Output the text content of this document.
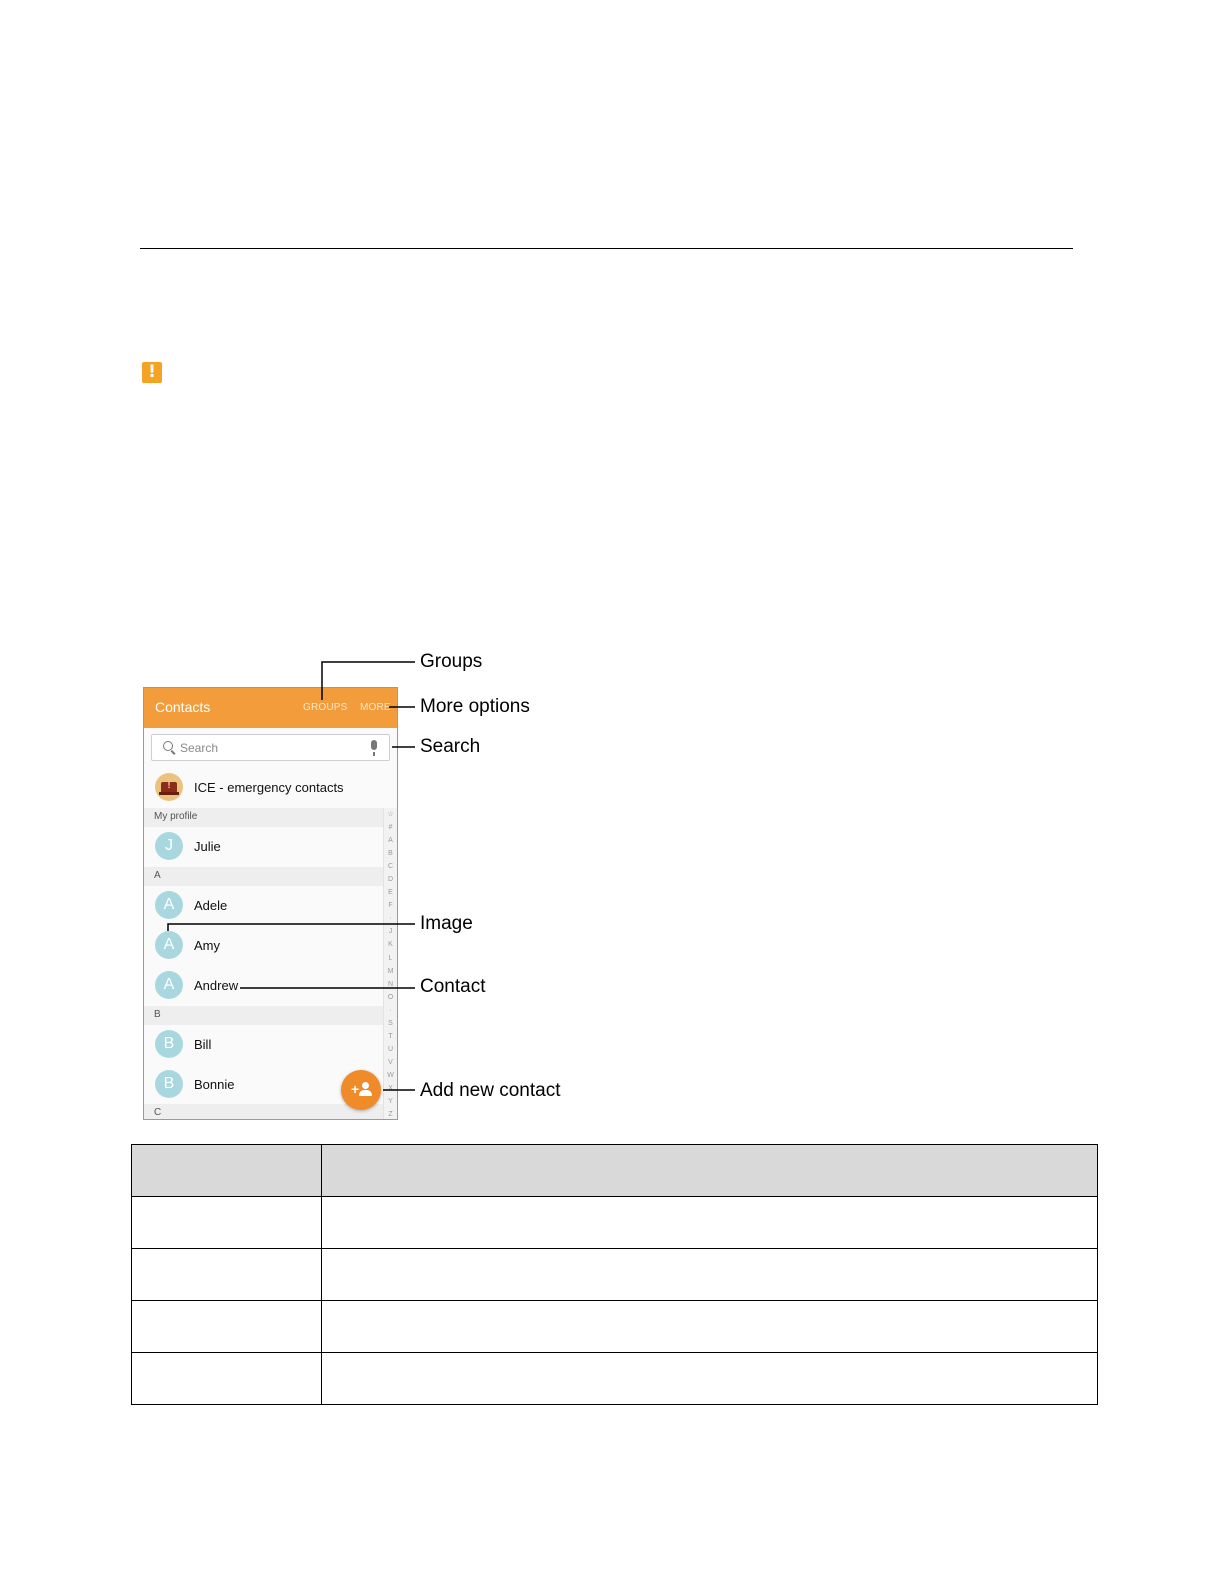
!
Contacts	GROUPS MORE
Search
!
ICE - emergency contacts
My profile
J	Julie
A
A	Adele
A	Amy
A	Andrew
B
B	Bill
B	Bonnie
C
☆
#
A
B
C
D
E
F
·
J
K
L
M
N
O
·
S
T
U
V
W
X
Y
Z
+
Groups
More options
Search
Image
Contact
Add new contact
